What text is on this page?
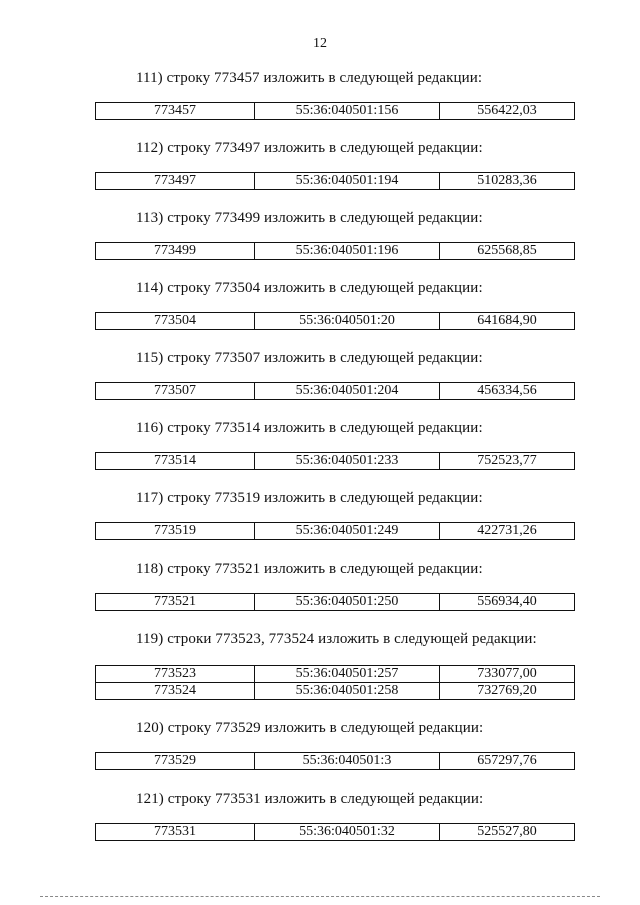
12
111) строку 773457 изложить в следующей редакции:
773457	55:36:040501:156	556422,03
112) строку 773497 изложить в следующей редакции:
773497	55:36:040501:194	510283,36
113) строку 773499 изложить в следующей редакции:
773499	55:36:040501:196	625568,85
114) строку 773504 изложить в следующей редакции:
773504	55:36:040501:20	641684,90
115) строку 773507 изложить в следующей редакции:
773507	55:36:040501:204	456334,56
116) строку 773514 изложить в следующей редакции:
773514	55:36:040501:233	752523,77
117) строку 773519 изложить в следующей редакции:
773519	55:36:040501:249	422731,26
118) строку 773521 изложить в следующей редакции:
773521	55:36:040501:250	556934,40
119) строки 773523, 773524 изложить в следующей редакции:
773523	55:36:040501:257	733077,00
773524	55:36:040501:258	732769,20
120) строку 773529 изложить в следующей редакции:
773529	55:36:040501:3	657297,76
121) строку 773531 изложить в следующей редакции:
773531	55:36:040501:32	525527,80
